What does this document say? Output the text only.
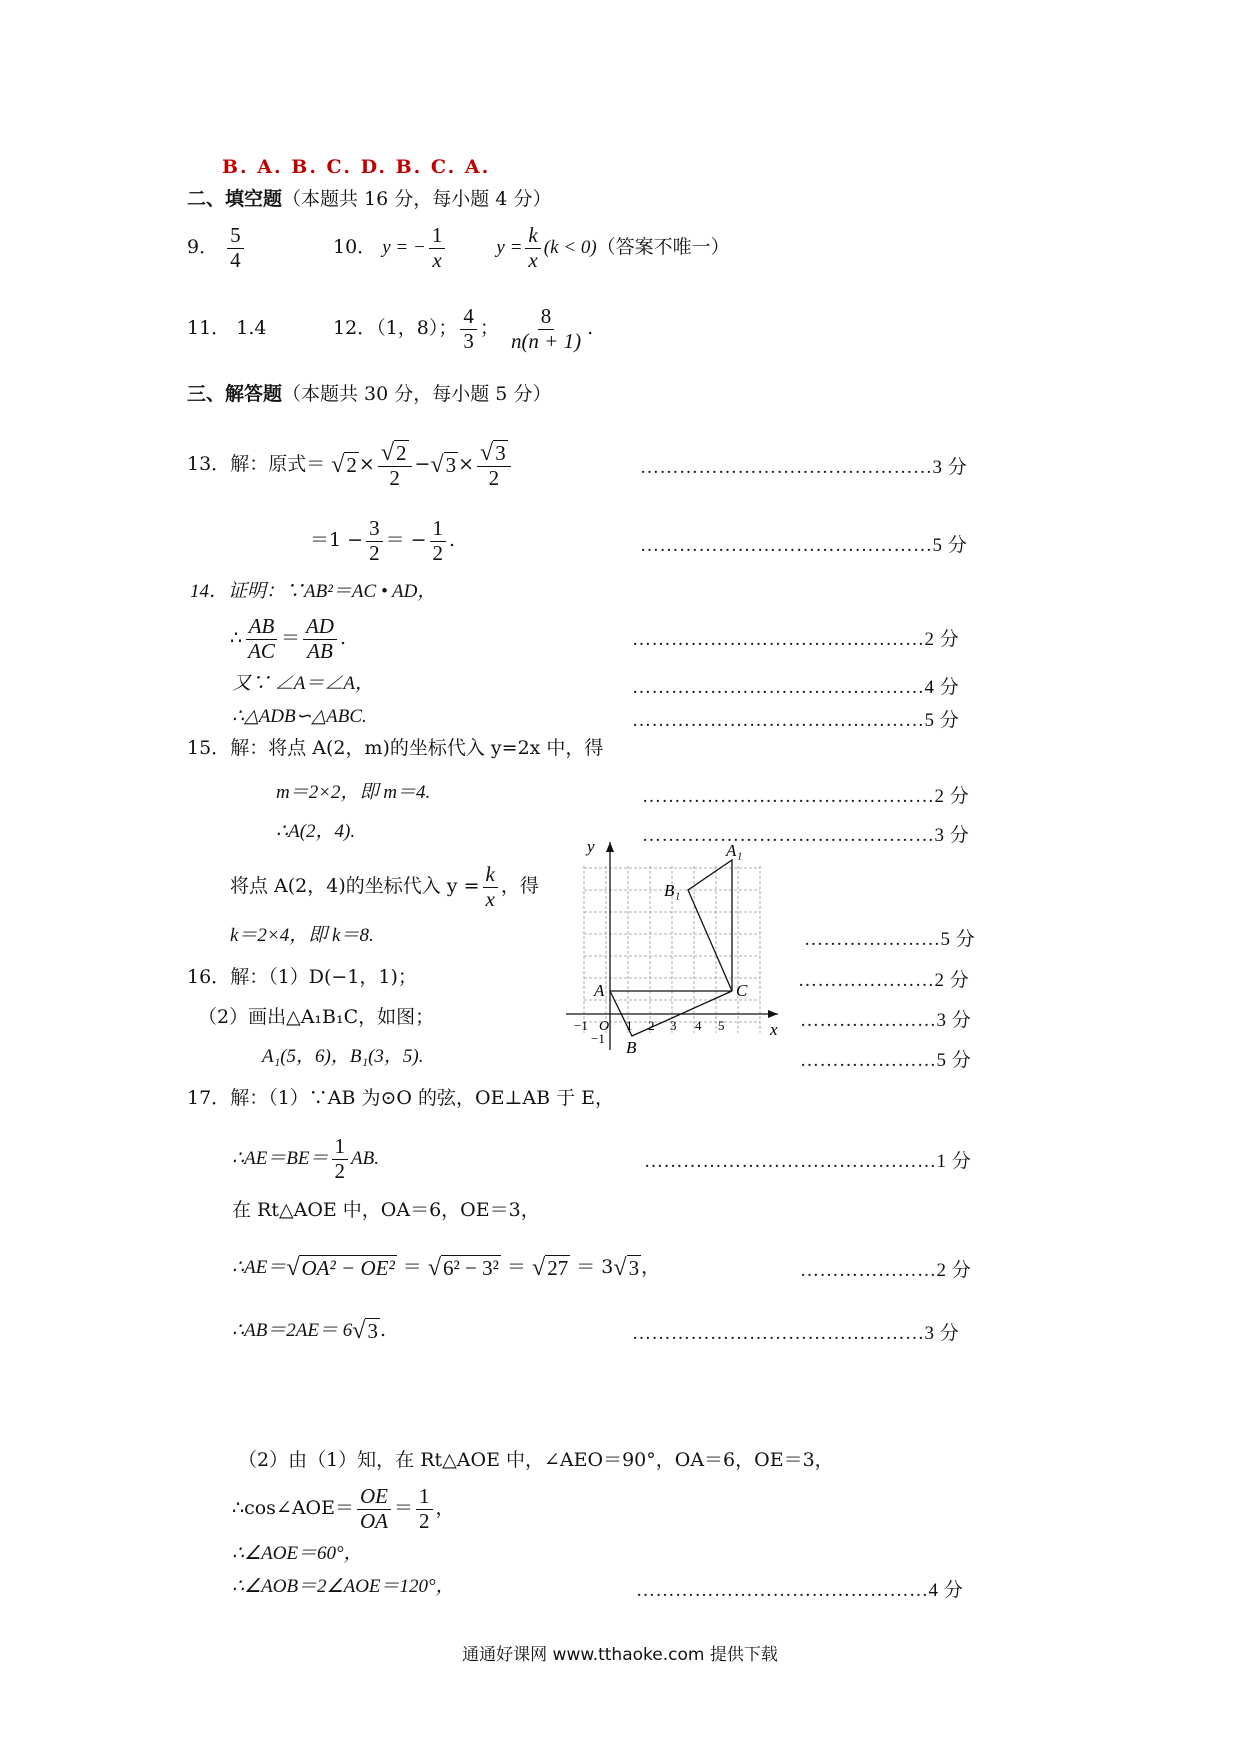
B. A. B. C. D. B. C. A.
二、填空题（本题共 16 分，每小题 4 分）
9． $\frac{5}{4}$	10． y = − $\frac{1}{x}$	$y = \frac{k}{x} (k < 0)$（答案不唯一）
11． 1.4	12．（1，8）； $\frac{4}{3}$ ； $\frac{8}{n(n + 1)}$ .
三、解答题（本题共 30 分，每小题 5 分）
13．解：原式＝ $√2 \times \frac{√2}{2} -√3 \times \frac{√3}{2}$	………………………………………3 分
$=1 - \frac{3}{2}$ ＝ − $\frac{1}{2}$ .	………………………………………5 分
14．证明：∵AB²＝AC • AD，
∴ $\frac{AB}{AC} = \frac{AD}{AB}$ .	………………………………………2 分
又∵ ∠A＝∠A，	………………………………………4 分
∴△ADB∽△ABC.	………………………………………5 分
15．解：将点 A(2，m)的坐标代入 y=2x 中，得
m＝2×2，即 m＝4.	………………………………………2 分
∴A(2，4).	………………………………………3 分
将点 A(2，4)的坐标代入 $y = \frac{k}{x}$ ，得
k＝2×4，即 k＝8.	…………………5 分
16．解：（1）D(−1，1)；	…………………2 分
（2）画出△A₁B₁C，如图；	…………………3 分
A₁(5，6)，B₁(3，5).	…………………5 分
y
x
A
B
C
A₁
B₁
O
−1	1 2 3 4 5
−1
17．解：（1）∵AB 为⊙O 的弦，OE⊥AB 于 E，
∴AE＝BE＝ $\frac{1}{2}$ AB.	………………………………………1 分
在 Rt△AOE 中，OA＝6，OE＝3，
∴AE＝√OA² − OE² ＝ √6² − 3² ＝ √27 ＝ 3√3 ，	…………………2 分
∴AB＝2AE＝ 6√3 .	………………………………………3 分
（2）由（1）知，在 Rt△AOE 中，∠AEO＝90°，OA＝6，OE＝3，
∴cos∠AOE＝ $\frac{OE}{OA} = \frac{1}{2}$ ，
∴∠AOE＝60°，
∴∠AOB＝2∠AOE＝120°，	………………………………………4 分
通通好课网 www.tthaoke.com 提供下载
